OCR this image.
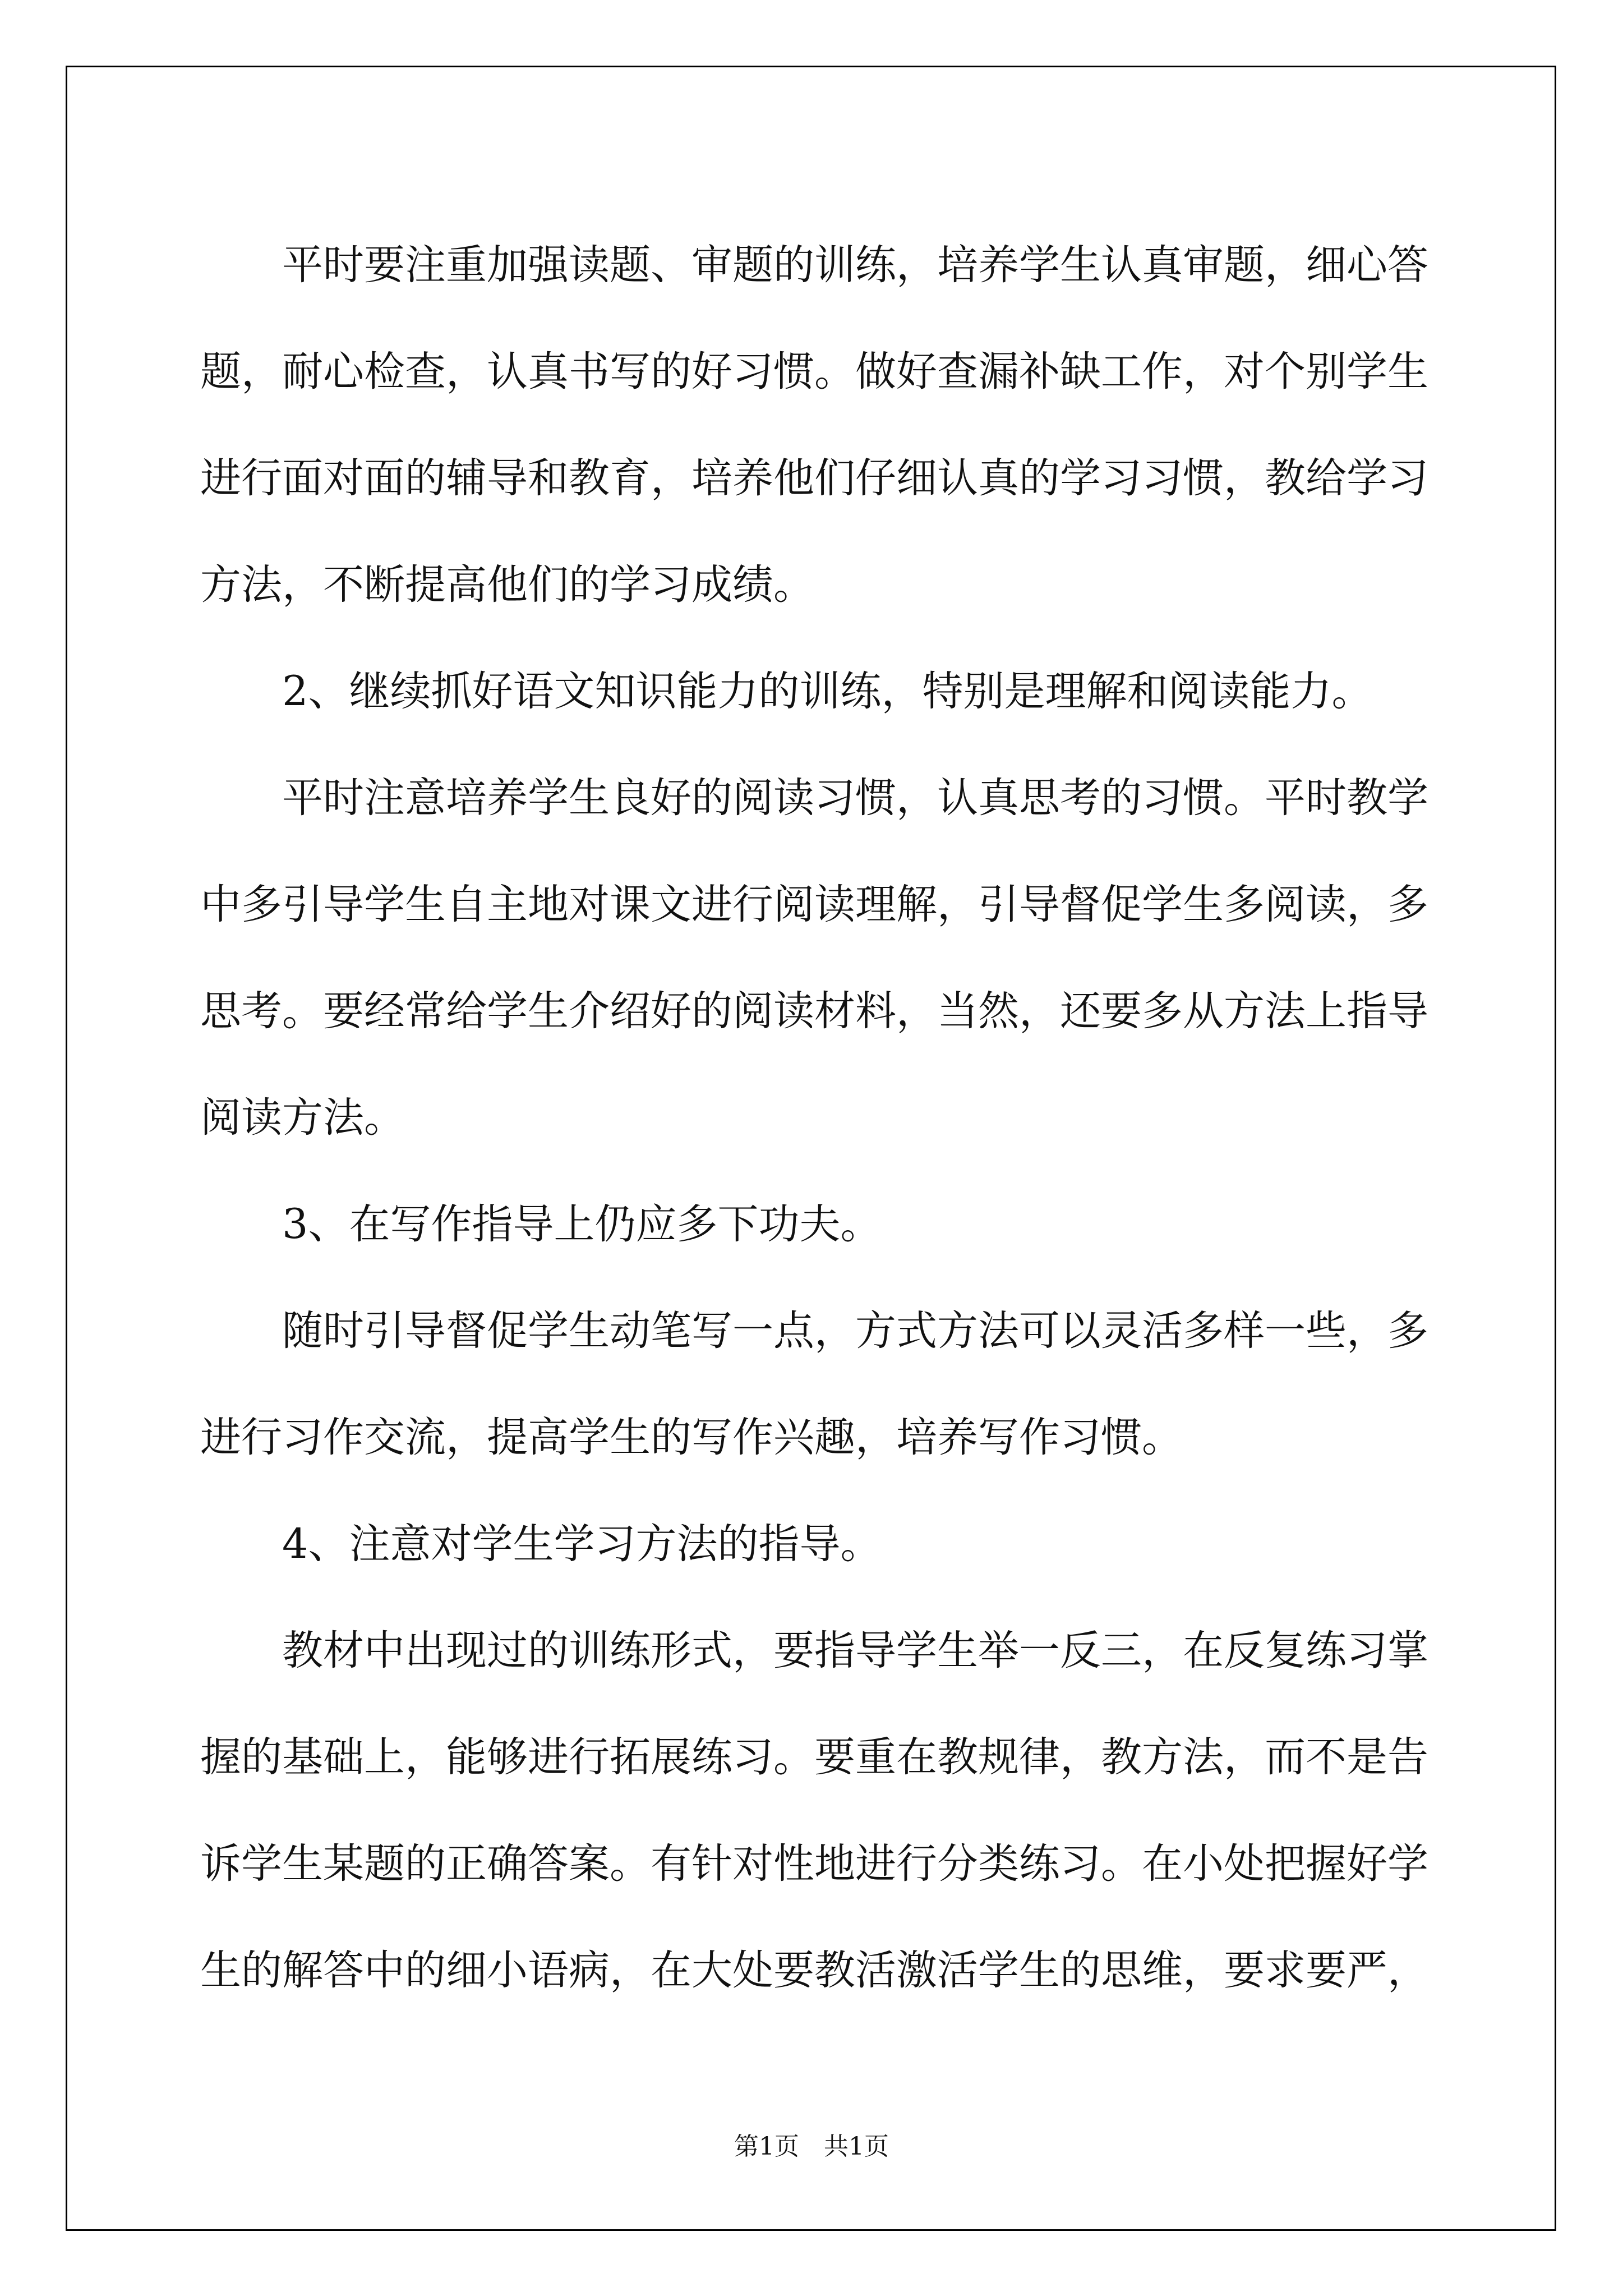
平时要注重加强读题、审题的训练，培养学生认真审题，细心答题，耐心检查，认真书写的好习惯。做好查漏补缺工作，对个别学生进行面对面的辅导和教育，培养他们仔细认真的学习习惯，教给学习方法，不断提高他们的学习成绩。

2、继续抓好语文知识能力的训练，特别是理解和阅读能力。

平时注意培养学生良好的阅读习惯，认真思考的习惯。平时教学中多引导学生自主地对课文进行阅读理解，引导督促学生多阅读，多思考。要经常给学生介绍好的阅读材料，当然，还要多从方法上指导阅读方法。

3、在写作指导上仍应多下功夫。

随时引导督促学生动笔写一点，方式方法可以灵活多样一些，多进行习作交流，提高学生的写作兴趣，培养写作习惯。

4、注意对学生学习方法的指导。

教材中出现过的训练形式，要指导学生举一反三，在反复练习掌握的基础上，能够进行拓展练习。要重在教规律，教方法，而不是告诉学生某题的正确答案。有针对性地进行分类练习。在小处把握好学生的解答中的细小语病，在大处要教活激活学生的思维，要求要严，

第1页　共1页
